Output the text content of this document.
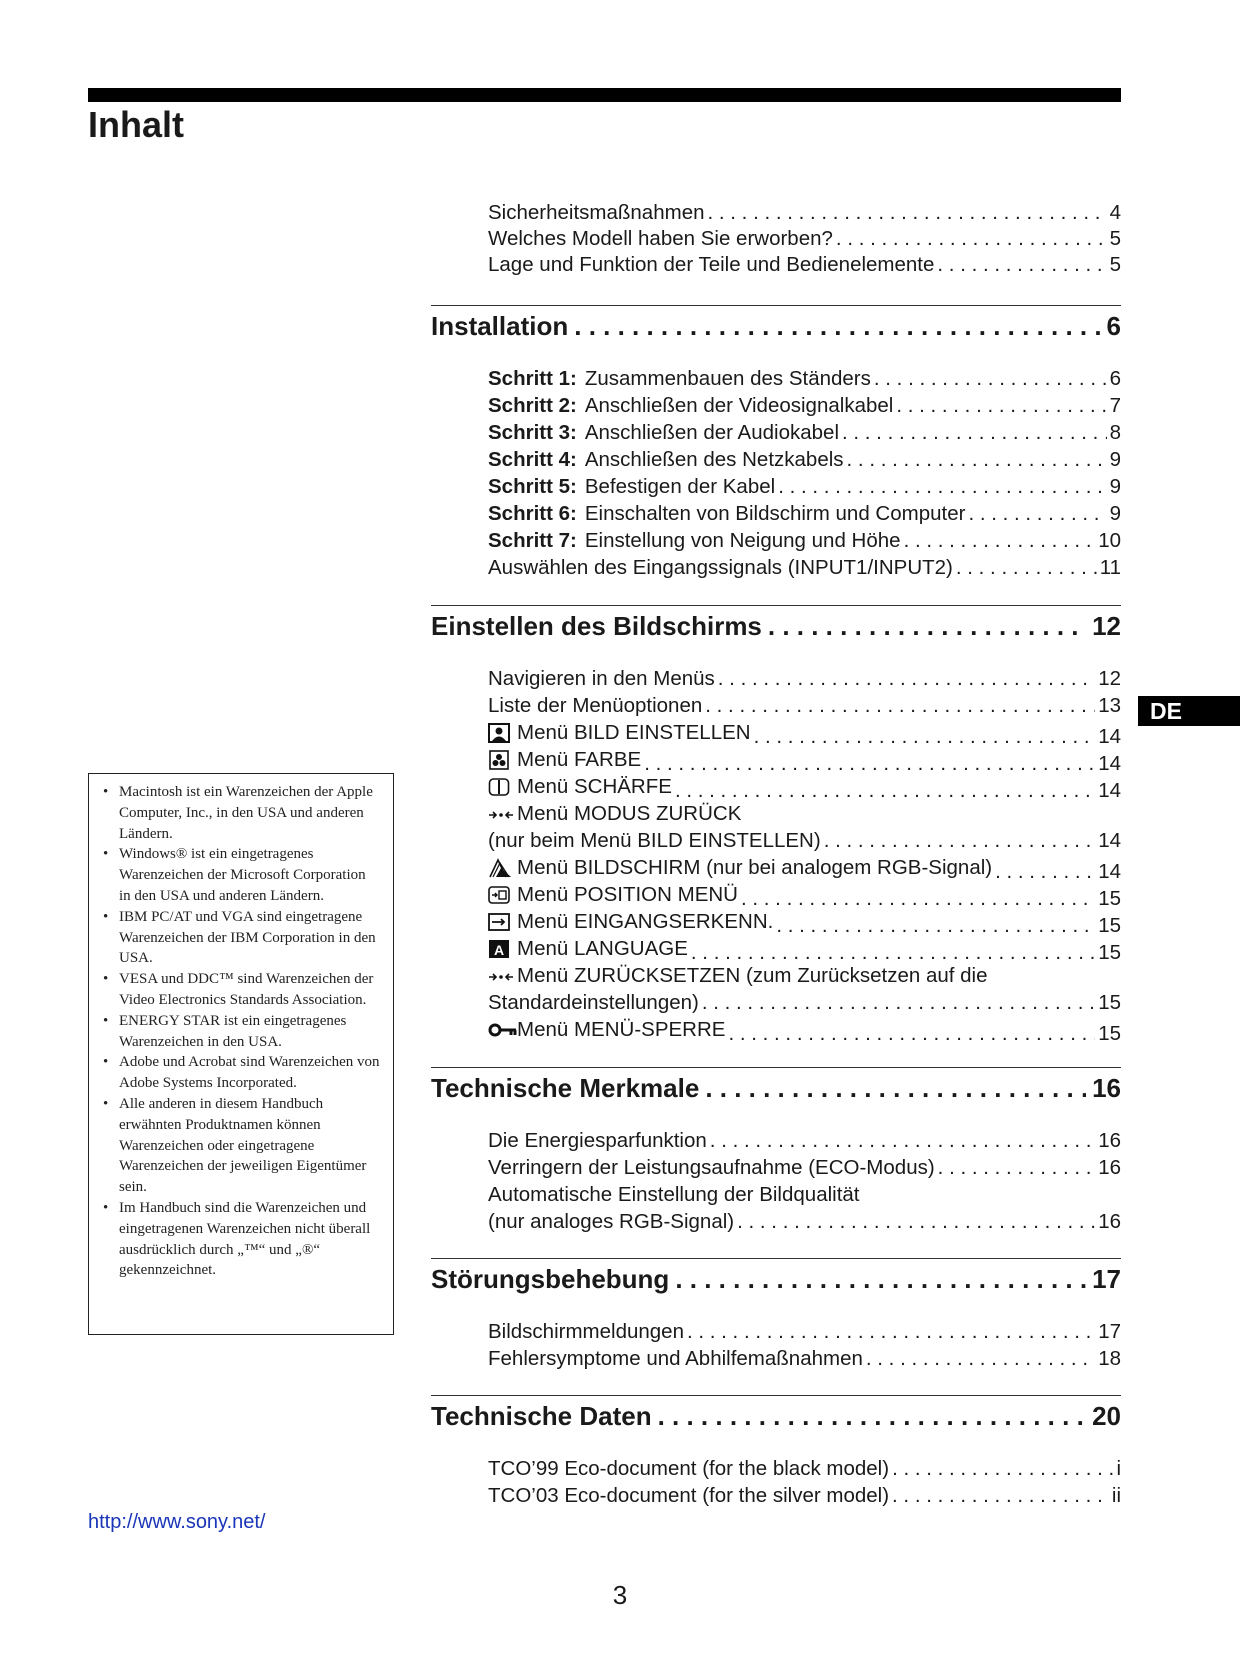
Inhalt
DE
Sicherheitsmaßnahmen . . .	4
Welches Modell haben Sie erworben? . . .	5
Lage und Funktion der Teile und Bedienelemente . . .	5
Installation . . .	6
Schritt 1: Zusammenbauen des Ständers . . .	6
Schritt 2: Anschließen der Videosignalkabel . . .	7
Schritt 3: Anschließen der Audiokabel . . .	8
Schritt 4: Anschließen des Netzkabels . . .	9
Schritt 5: Befestigen der Kabel . . .	9
Schritt 6: Einschalten von Bildschirm und Computer . . .	9
Schritt 7: Einstellung von Neigung und Höhe . . .	10
Auswählen des Eingangssignals (INPUT1/INPUT2) . . .	11
Einstellen des Bildschirms . . .	12
Navigieren in den Menüs . . .	12
Liste der Menüoptionen . . .	13
Menü BILD EINSTELLEN . . .	14
Menü FARBE . . .	14
Menü SCHÄRFE . . .	14
Menü MODUS ZURÜCK
(nur beim Menü BILD EINSTELLEN) . . .	14
Menü BILDSCHIRM (nur bei analogem RGB-Signal) . . .	14
Menü POSITION MENÜ . . .	15
Menü EINGANGSERKENN. . . .	15
A Menü LANGUAGE . . .	15
Menü ZURÜCKSETZEN (zum Zurücksetzen auf die
Standardeinstellungen) . . .	15
Menü MENÜ-SPERRE . . .	15
Technische Merkmale . . .	16
Die Energiesparfunktion . . .	16
Verringern der Leistungsaufnahme (ECO-Modus) . . .	16
Automatische Einstellung der Bildqualität
(nur analoges RGB-Signal) . . .	16
Störungsbehebung . . .	17
Bildschirmmeldungen . . .	17
Fehlersymptome und Abhilfemaßnahmen . . .	18
Technische Daten . . .	20
TCO’99 Eco-document (for the black model) . . .	i
TCO’03 Eco-document (for the silver model) . . .	ii
• Macintosh ist ein Warenzeichen der Apple Computer, Inc., in den USA und anderen Ländern.
• Windows® ist ein eingetragenes Warenzeichen der Microsoft Corporation in den USA und anderen Ländern.
• IBM PC/AT und VGA sind eingetragene Warenzeichen der IBM Corporation in den USA.
• VESA und DDC™ sind Warenzeichen der Video Electronics Standards Association.
• ENERGY STAR ist ein eingetragenes Warenzeichen in den USA.
• Adobe und Acrobat sind Warenzeichen von Adobe Systems Incorporated.
• Alle anderen in diesem Handbuch erwähnten Produktnamen können Warenzeichen oder eingetragene Warenzeichen der jeweiligen Eigentümer sein.
• Im Handbuch sind die Warenzeichen und eingetragenen Warenzeichen nicht überall ausdrücklich durch „™“ und „®“ gekennzeichnet.
http://www.sony.net/
3
